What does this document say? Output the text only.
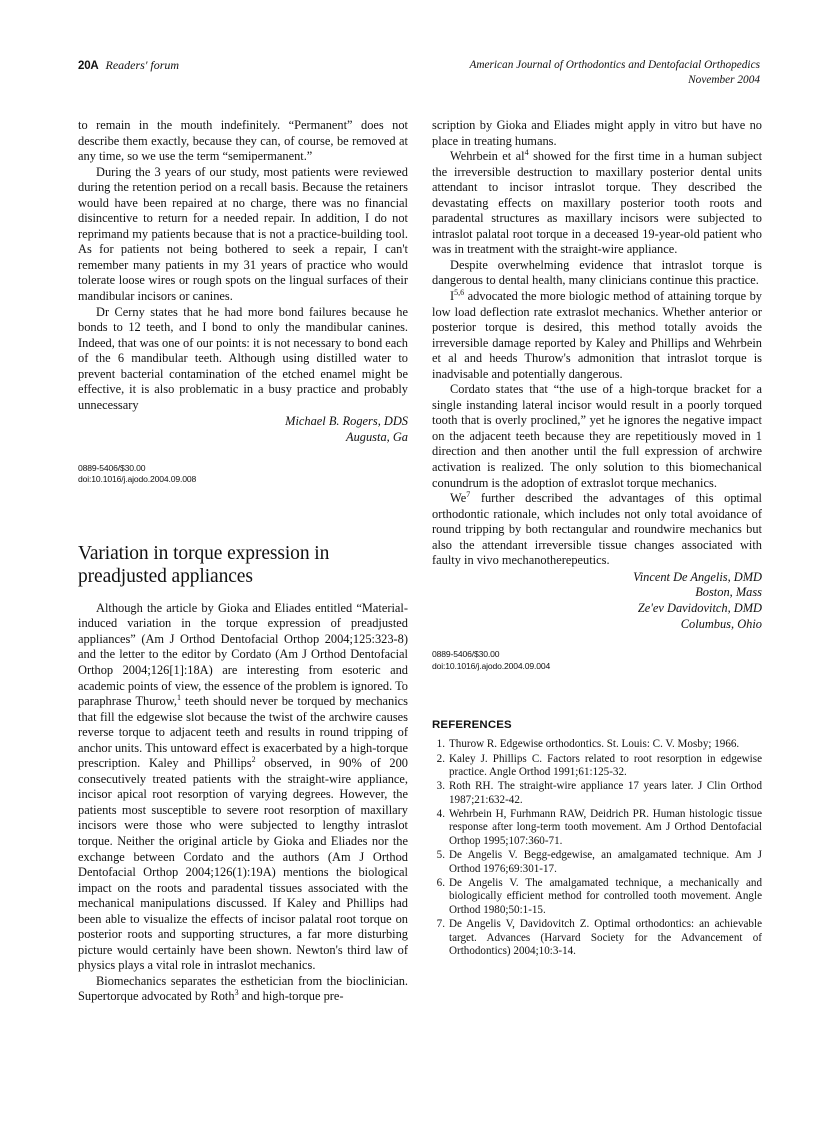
20A Readers' forum	American Journal of Orthodontics and Dentofacial Orthopedics
November 2004

to remain in the mouth indefinitely. “Permanent” does not describe them exactly, because they can, of course, be removed at any time, so we use the term “semipermanent.”

During the 3 years of our study, most patients were reviewed during the retention period on a recall basis. Because the retainers would have been repaired at no charge, there was no financial disincentive to return for a needed repair. In addition, I do not reprimand my patients because that is not a practice-building tool. As for patients not being bothered to seek a repair, I can't remember many patients in my 31 years of practice who would tolerate loose wires or rough spots on the lingual surfaces of their mandibular incisors or canines.

Dr Cerny states that he had more bond failures because he bonds to 12 teeth, and I bond to only the mandibular canines. Indeed, that was one of our points: it is not necessary to bond each of the 6 mandibular teeth. Although using distilled water to prevent bacterial contamination of the etched enamel might be effective, it is also problematic in a busy practice and probably unnecessary

Michael B. Rogers, DDS
Augusta, Ga
0889-5406/$30.00
doi:10.1016/j.ajodo.2004.09.008
Variation in torque expression in preadjusted appliances

Although the article by Gioka and Eliades entitled “Material-induced variation in the torque expression of preadjusted appliances” (Am J Orthod Dentofacial Orthop 2004;125:323-8) and the letter to the editor by Cordato (Am J Orthod Dentofacial Orthop 2004;126[1]:18A) are interesting from esoteric and academic points of view, the essence of the problem is ignored. To paraphrase Thurow,$^1$ teeth should never be torqued by mechanics that fill the edgewise slot because the twist of the archwire causes reverse torque to adjacent teeth and results in round tripping of anchor units. This untoward effect is exacerbated by a high-torque prescription. Kaley and Phillips$^2$ observed, in 90% of 200 consecutively treated patients with the straight-wire appliance, incisor apical root resorption of varying degrees. However, the patients most susceptible to severe root resorption of maxillary incisors were those who were subjected to lengthy intraslot torque. Neither the original article by Gioka and Eliades nor the exchange between Cordato and the authors (Am J Orthod Dentofacial Orthop 2004;126(1):19A) mentions the biological impact on the roots and paradental tissues associated with the mechanical manipulations discussed. If Kaley and Phillips had been able to visualize the effects of incisor palatal root torque on posterior roots and supporting structures, a far more disturbing picture would certainly have been shown. Newton's third law of physics plays a vital role in intraslot mechanics.

Biomechanics separates the esthetician from the bioclinician. Supertorque advocated by Roth$^3$ and high-torque pre-

scription by Gioka and Eliades might apply in vitro but have no place in treating humans.

Wehrbein et $al^4$ showed for the first time in a human subject the irreversible destruction to maxillary posterior dental units attendant to incisor intraslot torque. They described the devastating effects on maxillary posterior tooth roots and paradental structures as maxillary incisors were subjected to intraslot palatal root torque in a deceased 19-year-old patient who was in treatment with the straight-wire appliance.

Despite overwhelming evidence that intraslot torque is dangerous to dental health, many clinicians continue this practice.

I$^{5,6}$ advocated the more biologic method of attaining torque by low load deflection rate extraslot mechanics. Whether anterior or posterior torque is desired, this method totally avoids the irreversible damage reported by Kaley and Phillips and Wehrbein et al and heeds Thurow's admonition that intraslot torque is inadvisable and potentially dangerous.

Cordato states that “the use of a high-torque bracket for a single instanding lateral incisor would result in a poorly torqued tooth that is overly proclined,” yet he ignores the negative impact on the adjacent teeth because they are repetitiously moved in 1 direction and then another until the full expression of archwire activation is realized. The only solution to this biomechanical conundrum is the adoption of extraslot torque mechanics.

We$^7$ further described the advantages of this optimal orthodontic rationale, which includes not only total avoidance of round tripping by both rectangular and roundwire mechanics but also the attendant irreversible tissue changes associated with faulty in vivo mechanotherepeutics.

Vincent De Angelis, DMD
Boston, Mass
Ze'ev Davidovitch, DMD
Columbus, Ohio
0889-5406/$30.00
doi:10.1016/j.ajodo.2004.09.004
REFERENCES
1. Thurow R. Edgewise orthodontics. St. Louis: C. V. Mosby; 1966.
2. Kaley J. Phillips C. Factors related to root resorption in edgewise practice. Angle Orthod 1991;61:125-32.
3. Roth RH. The straight-wire appliance 17 years later. J Clin Orthod 1987;21:632-42.
4. Wehrbein H, Furhmann RAW, Deidrich PR. Human histologic tissue response after long-term tooth movement. Am J Orthod Dentofacial Orthop 1995;107:360-71.
5. De Angelis V. Begg-edgewise, an amalgamated technique. Am J Orthod 1976;69:301-17.
6. De Angelis V. The amalgamated technique, a mechanically and biologically efficient method for controlled tooth movement. Angle Orthod 1980;50:1-15.
7. De Angelis V, Davidovitch Z. Optimal orthodontics: an achievable target. Advances (Harvard Society for the Advancement of Orthodontics) 2004;10:3-14.
